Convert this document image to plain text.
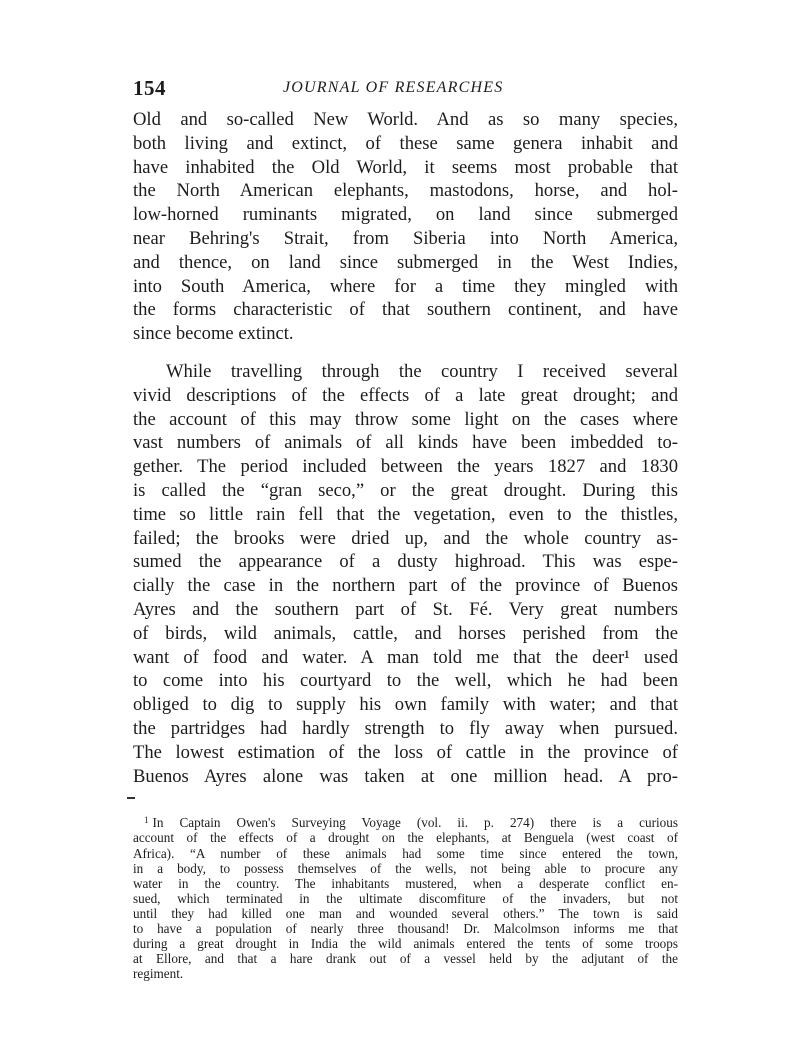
154	JOURNAL OF RESEARCHES

Old and so-called New World. And as so many species,

both living and extinct, of these same genera inhabit and

have inhabited the Old World, it seems most probable that

the North American elephants, mastodons, horse, and hol-

low-horned ruminants migrated, on land since submerged

near Behring's Strait, from Siberia into North America,

and thence, on land since submerged in the West Indies,

into South America, where for a time they mingled with

the forms characteristic of that southern continent, and have

since become extinct.

While travelling through the country I received several

vivid descriptions of the effects of a late great drought; and

the account of this may throw some light on the cases where

vast numbers of animals of all kinds have been imbedded to-

gether. The period included between the years 1827 and 1830

is called the “gran seco,” or the great drought. During this

time so little rain fell that the vegetation, even to the thistles,

failed; the brooks were dried up, and the whole country as-

sumed the appearance of a dusty highroad. This was espe-

cially the case in the northern part of the province of Buenos

Ayres and the southern part of St. Fé. Very great numbers

of birds, wild animals, cattle, and horses perished from the

want of food and water. A man told me that the deer¹ used

to come into his courtyard to the well, which he had been

obliged to dig to supply his own family with water; and that

the partridges had hardly strength to fly away when pursued.

The lowest estimation of the loss of cattle in the province of

Buenos Ayres alone was taken at one million head. A pro-

$^1$ In Captain Owen's Surveying Voyage (vol. ii. p. 274) there is a curious

account of the effects of a drought on the elephants, at Benguela (west coast of

Africa). “A number of these animals had some time since entered the town,

in a body, to possess themselves of the wells, not being able to procure any

water in the country. The inhabitants mustered, when a desperate conflict en-

sued, which terminated in the ultimate discomfiture of the invaders, but not

until they had killed one man and wounded several others.” The town is said

to have a population of nearly three thousand! Dr. Malcolmson informs me that

during a great drought in India the wild animals entered the tents of some troops

at Ellore, and that a hare drank out of a vessel held by the adjutant of the

regiment.
